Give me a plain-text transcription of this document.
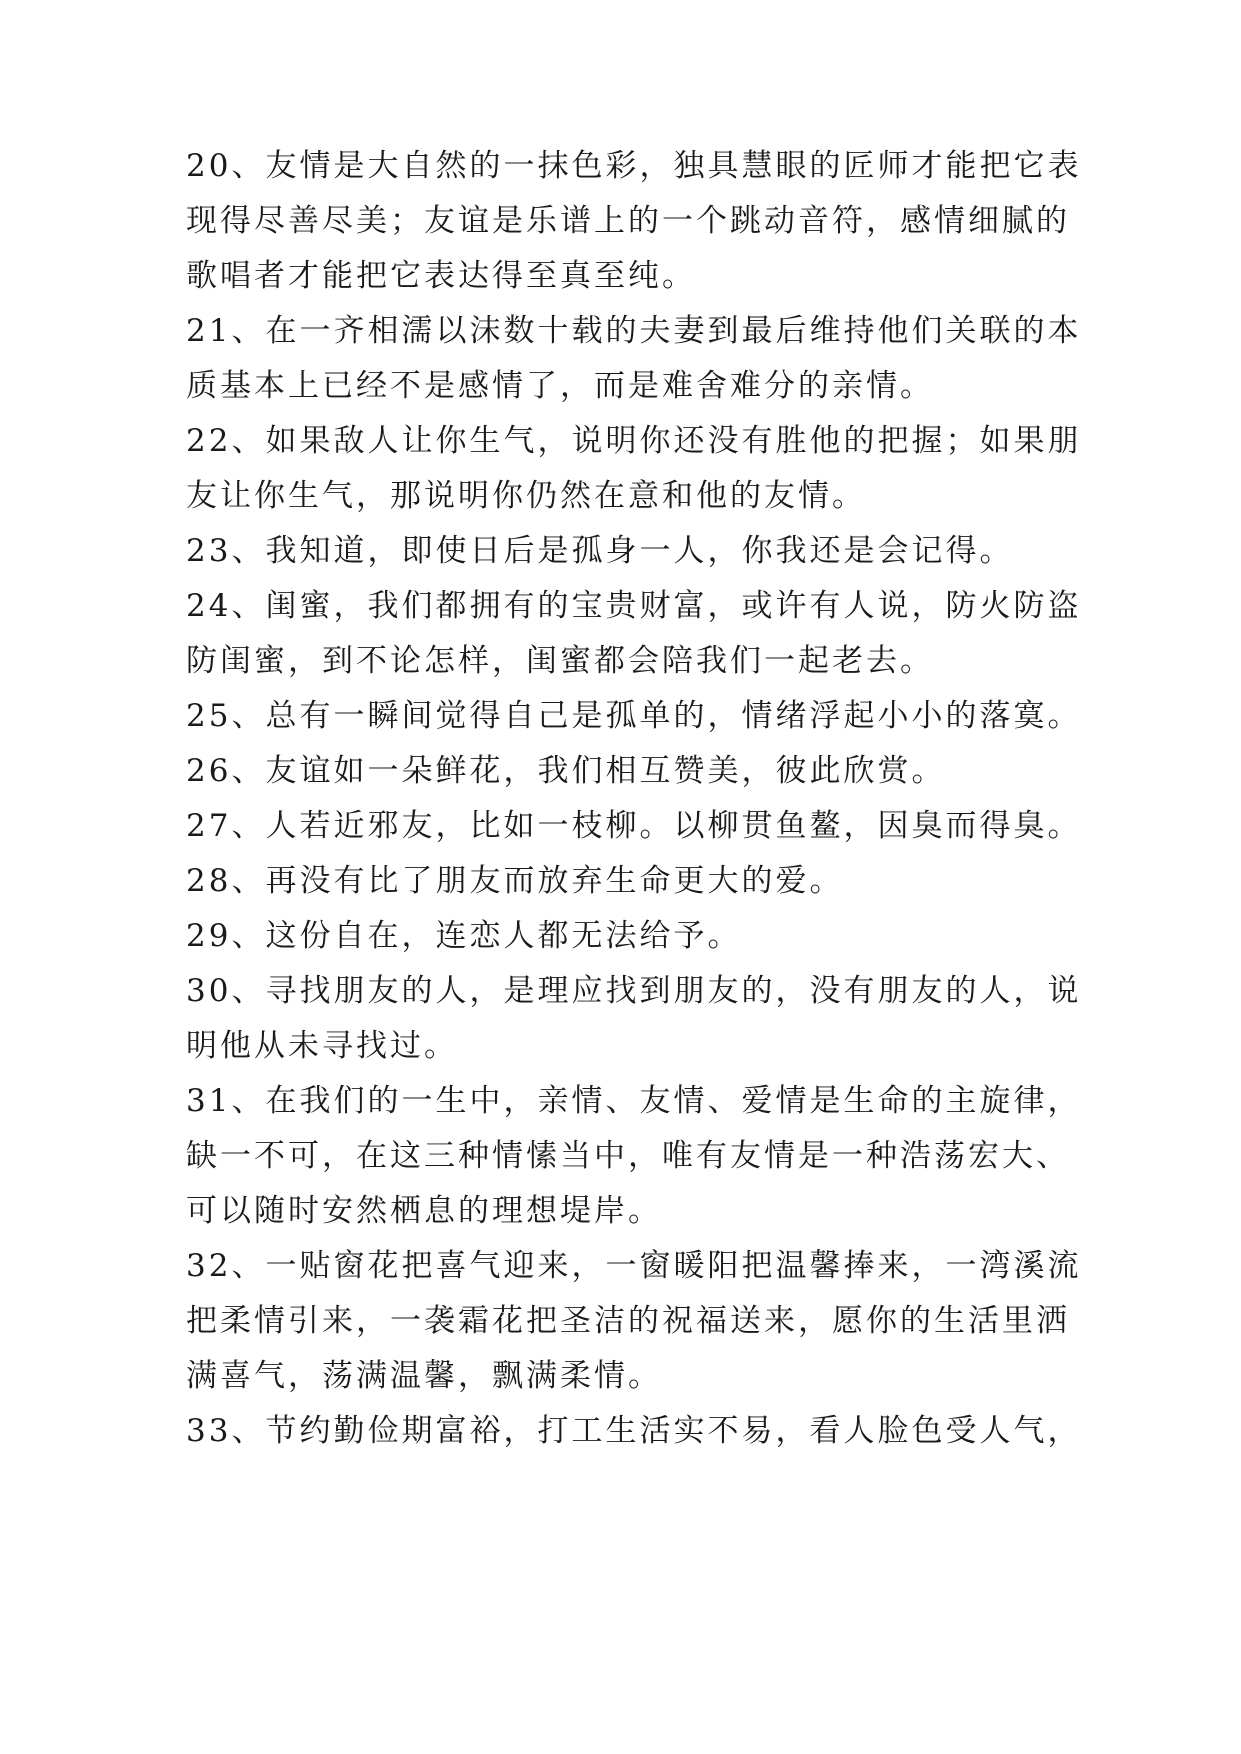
20、友情是大自然的一抹色彩，独具慧眼的匠师才能把它表
现得尽善尽美；友谊是乐谱上的一个跳动音符，感情细腻的
歌唱者才能把它表达得至真至纯。
21、在一齐相濡以沫数十载的夫妻到最后维持他们关联的本
质基本上已经不是感情了，而是难舍难分的亲情。
22、如果敌人让你生气，说明你还没有胜他的把握；如果朋
友让你生气，那说明你仍然在意和他的友情。
23、我知道，即使日后是孤身一人，你我还是会记得。
24、闺蜜，我们都拥有的宝贵财富，或许有人说，防火防盗
防闺蜜，到不论怎样，闺蜜都会陪我们一起老去。
25、总有一瞬间觉得自己是孤单的，情绪浮起小小的落寞。
26、友谊如一朵鲜花，我们相互赞美，彼此欣赏。
27、人若近邪友，比如一枝柳。以柳贯鱼鳌，因臭而得臭。
28、再没有比了朋友而放弃生命更大的爱。
29、这份自在，连恋人都无法给予。
30、寻找朋友的人，是理应找到朋友的，没有朋友的人，说
明他从未寻找过。
31、在我们的一生中，亲情、友情、爱情是生命的主旋律，
缺一不可，在这三种情愫当中，唯有友情是一种浩荡宏大、
可以随时安然栖息的理想堤岸。
32、一贴窗花把喜气迎来，一窗暖阳把温馨捧来，一湾溪流
把柔情引来，一袭霜花把圣洁的祝福送来，愿你的生活里洒
满喜气，荡满温馨，飘满柔情。
33、节约勤俭期富裕，打工生活实不易，看人脸色受人气，
